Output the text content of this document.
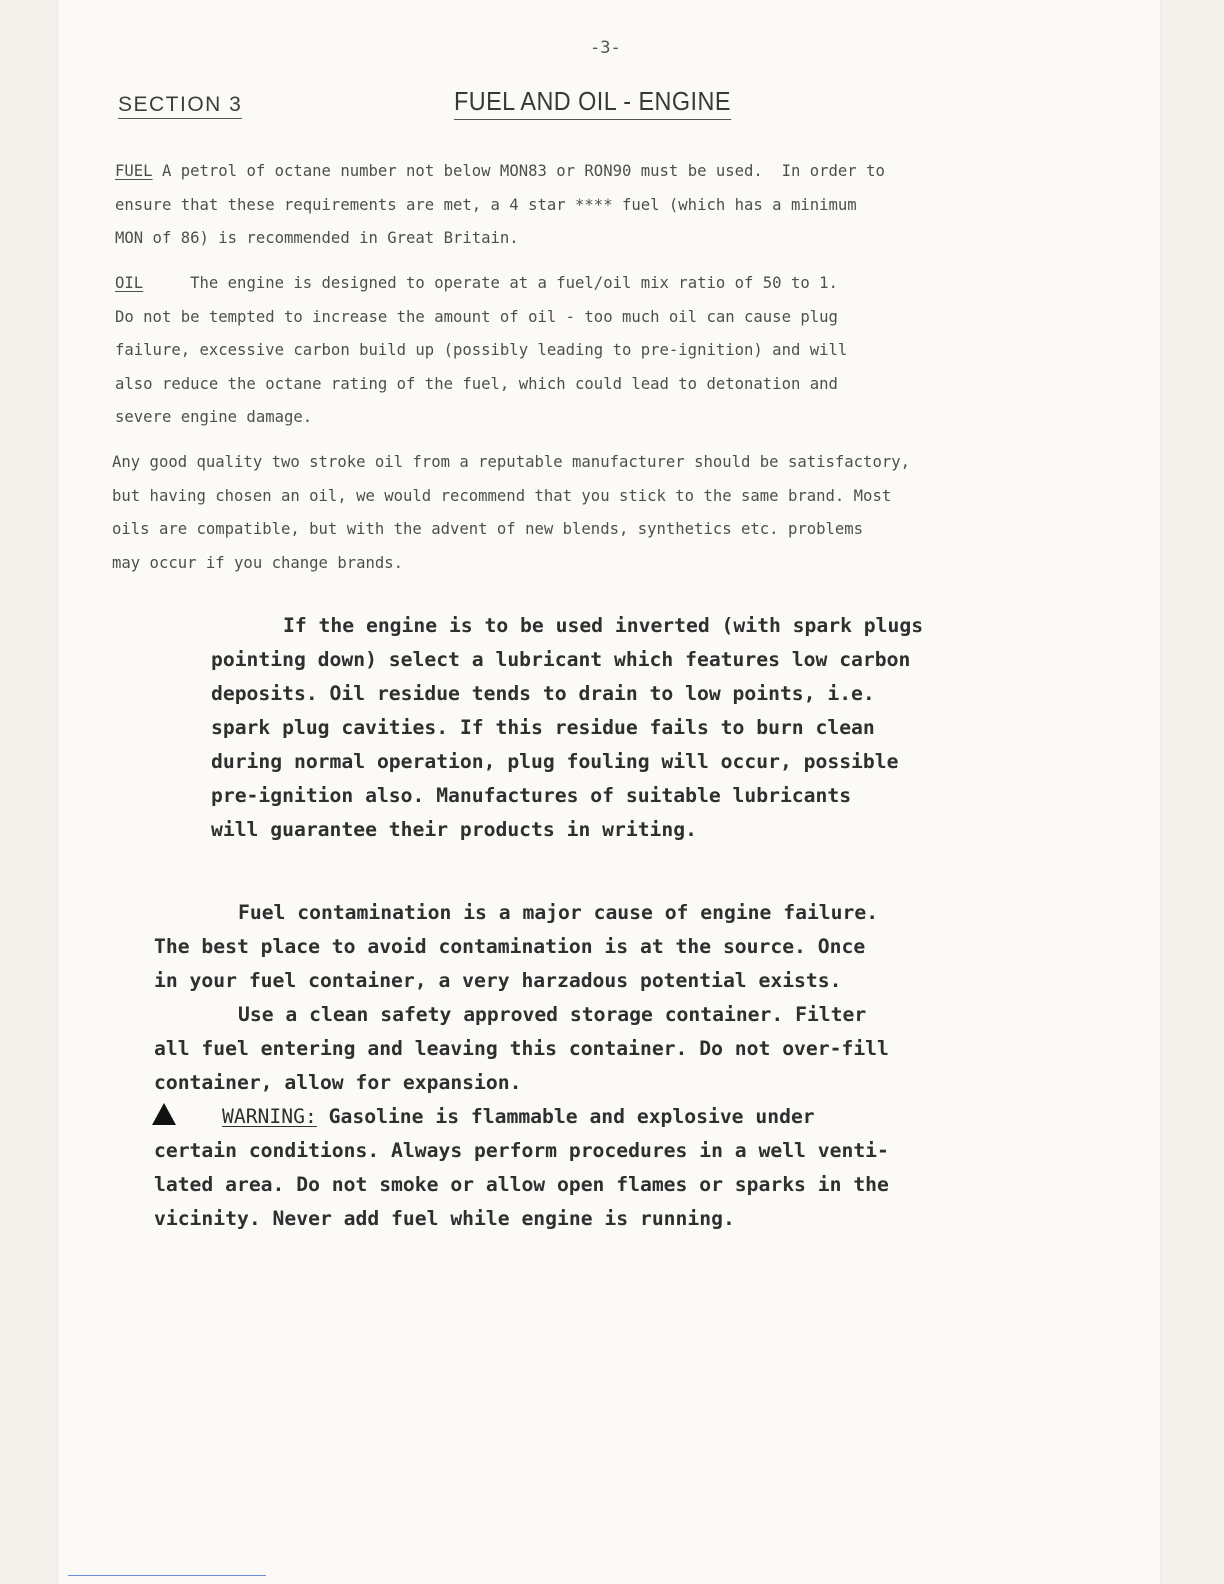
-3-
SECTION 3	FUEL AND OIL - ENGINE
FUEL A petrol of octane number not below MON83 or RON90 must be used.  In order to
ensure that these requirements are met, a 4 star **** fuel (which has a minimum
MON of 86) is recommended in Great Britain.
OIL     The engine is designed to operate at a fuel/oil mix ratio of 50 to 1.
Do not be tempted to increase the amount of oil - too much oil can cause plug
failure, excessive carbon build up (possibly leading to pre-ignition) and will
also reduce the octane rating of the fuel, which could lead to detonation and
severe engine damage.
Any good quality two stroke oil from a reputable manufacturer should be satisfactory,
but having chosen an oil, we would recommend that you stick to the same brand. Most
oils are compatible, but with the advent of new blends, synthetics etc. problems
may occur if you change brands.
If the engine is to be used inverted (with spark plugs
pointing down) select a lubricant which features low carbon
deposits. Oil residue tends to drain to low points, i.e.
spark plug cavities. If this residue fails to burn clean
during normal operation, plug fouling will occur, possible
pre-ignition also. Manufactures of suitable lubricants
will guarantee their products in writing.
Fuel contamination is a major cause of engine failure.
The best place to avoid contamination is at the source. Once
in your fuel container, a very harzadous potential exists.
Use a clean safety approved storage container. Filter
all fuel entering and leaving this container. Do not over-fill
container, allow for expansion.
WARNING: Gasoline is flammable and explosive under
certain conditions. Always perform procedures in a well venti-
lated area. Do not smoke or allow open flames or sparks in the
vicinity. Never add fuel while engine is running.
